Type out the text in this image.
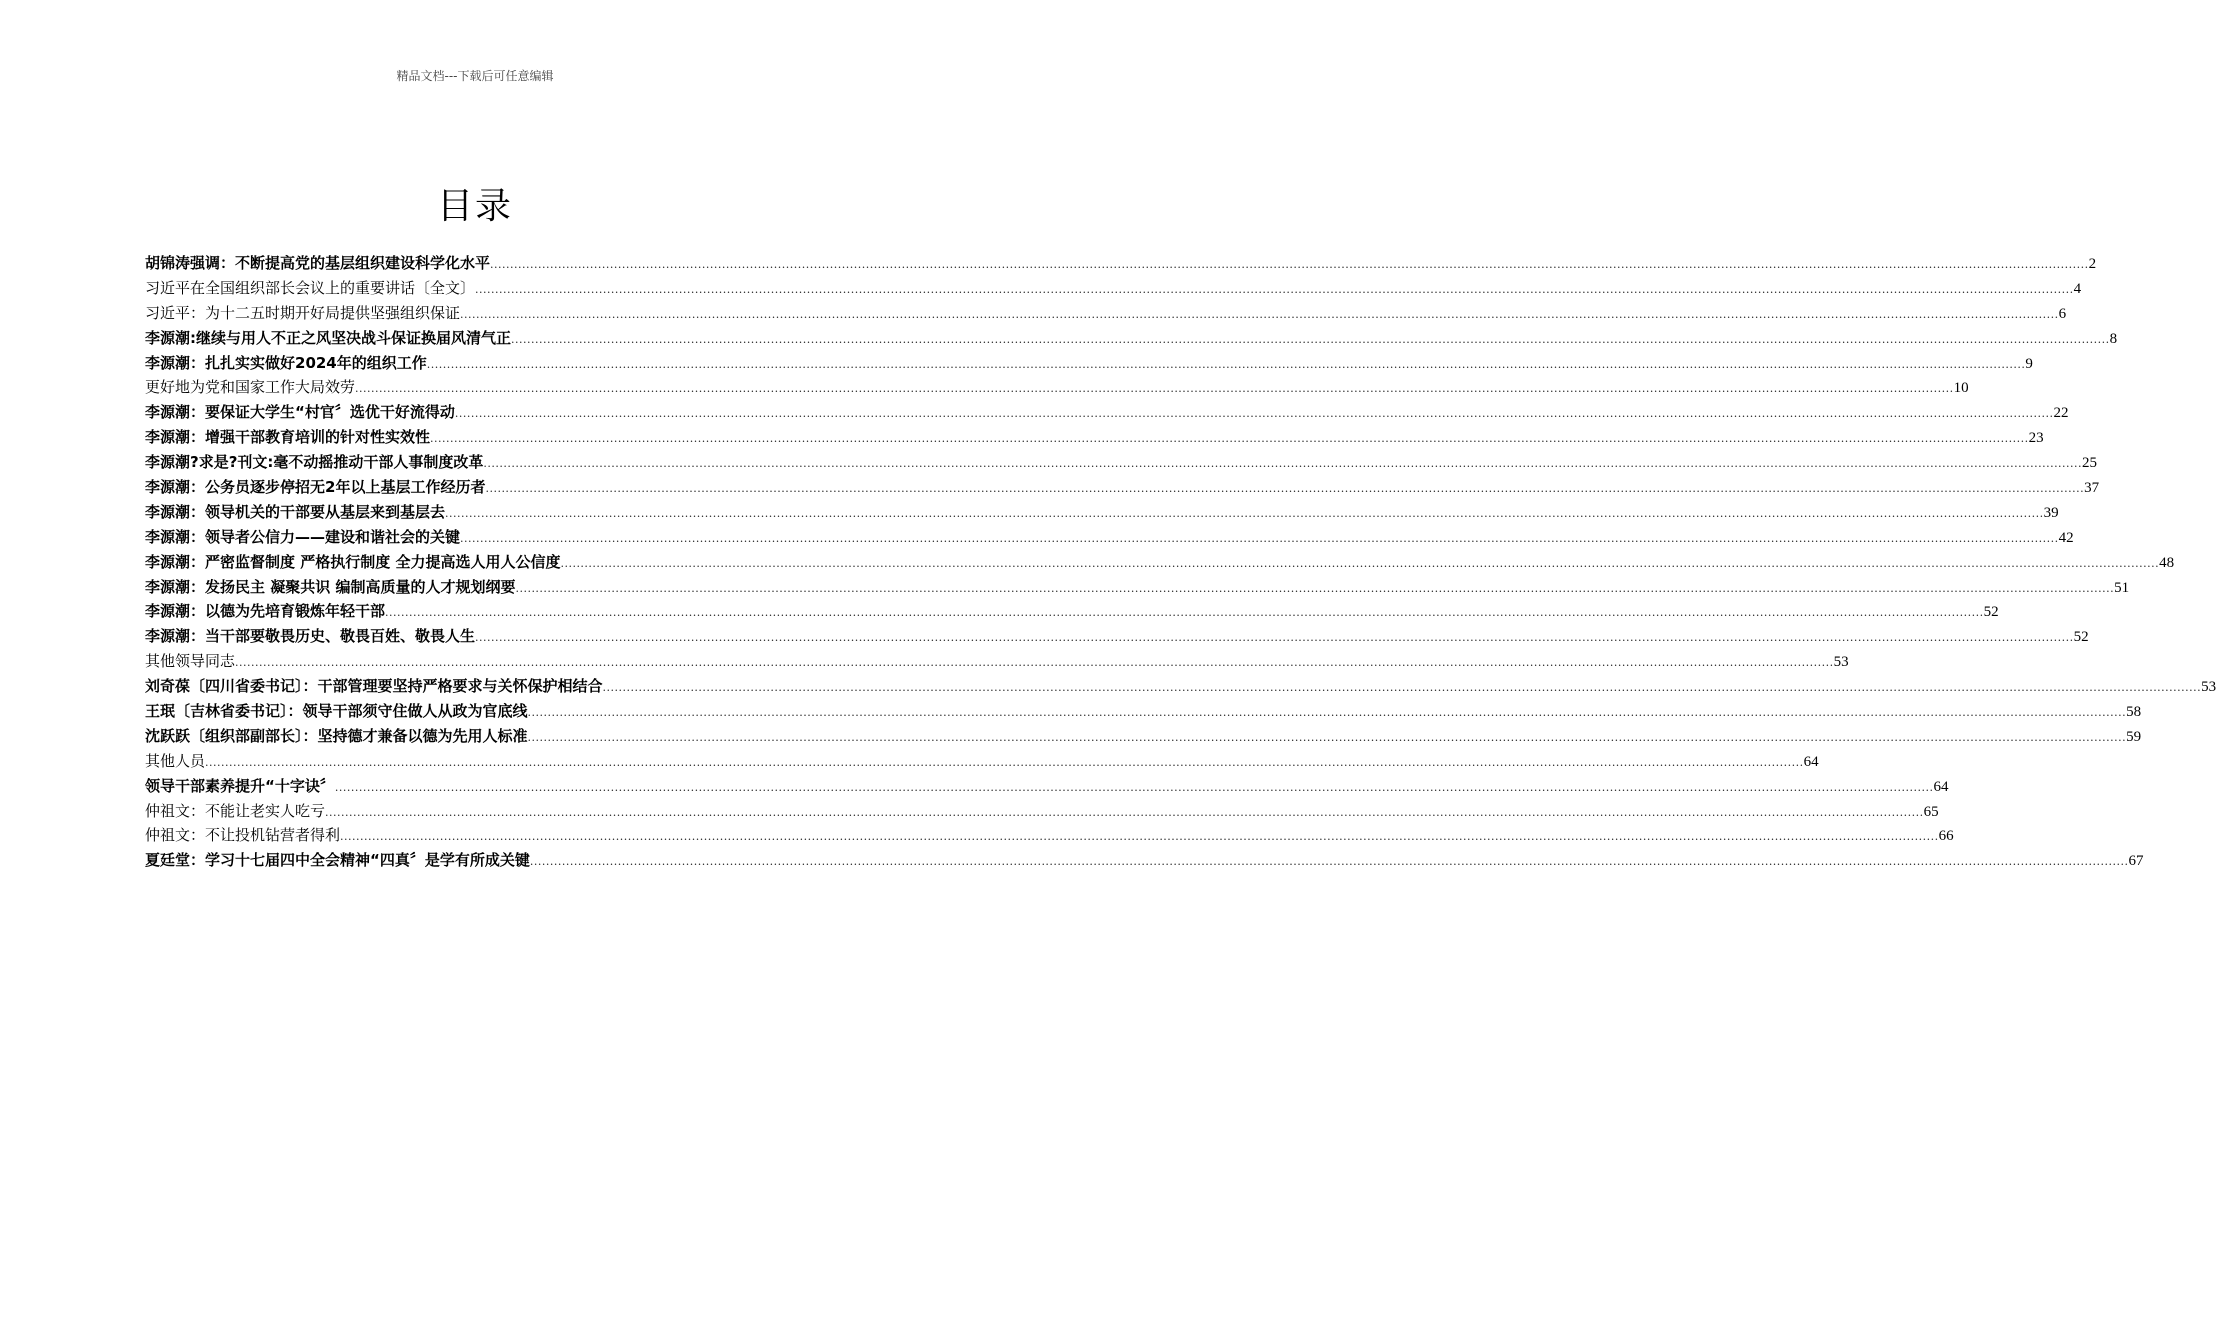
精品文档---下载后可任意编辑
目录
胡锦涛强调：不断提高党的基层组织建设科学化水平 ................................................................................................................................................................................................................................................................................................................................................................................................................ 2
习近平在全国组织部长会议上的重要讲话〔全文〕 ................................................................................................................................................................................................................................................................................................................................................................................................................ 4
习近平：为十二五时期开好局提供坚强组织保证 ................................................................................................................................................................................................................................................................................................................................................................................................................ 6
李源潮:继续与用人不正之风坚决战斗保证换届风清气正 ................................................................................................................................................................................................................................................................................................................................................................................................................ 8
李源潮：扎扎实实做好2024年的组织工作 ................................................................................................................................................................................................................................................................................................................................................................................................................ 9
更好地为党和国家工作大局效劳 ................................................................................................................................................................................................................................................................................................................................................................................................................ 10
李源潮：要保证大学生“村官〞选优干好流得动 ................................................................................................................................................................................................................................................................................................................................................................................................................ 22
李源潮：增强干部教育培训的针对性实效性 ................................................................................................................................................................................................................................................................................................................................................................................................................ 23
李源潮?求是?刊文:毫不动摇推动干部人事制度改革 ................................................................................................................................................................................................................................................................................................................................................................................................................ 25
李源潮：公务员逐步停招无2年以上基层工作经历者 ................................................................................................................................................................................................................................................................................................................................................................................................................ 37
李源潮：领导机关的干部要从基层来到基层去 ................................................................................................................................................................................................................................................................................................................................................................................................................ 39
李源潮：领导者公信力——建设和谐社会的关键 ................................................................................................................................................................................................................................................................................................................................................................................................................ 42
李源潮：严密监督制度 严格执行制度 全力提高选人用人公信度 ................................................................................................................................................................................................................................................................................................................................................................................................................ 48
李源潮：发扬民主 凝聚共识 编制高质量的人才规划纲要 ................................................................................................................................................................................................................................................................................................................................................................................................................ 51
李源潮：以德为先培育锻炼年轻干部 ................................................................................................................................................................................................................................................................................................................................................................................................................ 52
李源潮：当干部要敬畏历史、敬畏百姓、敬畏人生 ................................................................................................................................................................................................................................................................................................................................................................................................................ 52
其他领导同志 ................................................................................................................................................................................................................................................................................................................................................................................................................ 53
刘奇葆〔四川省委书记〕：干部管理要坚持严格要求与关怀保护相结合 ................................................................................................................................................................................................................................................................................................................................................................................................................ 53
王珉〔吉林省委书记〕：领导干部须守住做人从政为官底线 ................................................................................................................................................................................................................................................................................................................................................................................................................ 58
沈跃跃〔组织部副部长〕：坚持德才兼备以德为先用人标准 ................................................................................................................................................................................................................................................................................................................................................................................................................ 59
其他人员 ................................................................................................................................................................................................................................................................................................................................................................................................................ 64
领导干部素养提升“十字诀〞 ................................................................................................................................................................................................................................................................................................................................................................................................................ 64
仲祖文：不能让老实人吃亏 ................................................................................................................................................................................................................................................................................................................................................................................................................ 65
仲祖文：不让投机钻营者得利 ................................................................................................................................................................................................................................................................................................................................................................................................................ 66
夏廷堂：学习十七届四中全会精神“四真〞是学有所成关键 ................................................................................................................................................................................................................................................................................................................................................................................................................ 67
